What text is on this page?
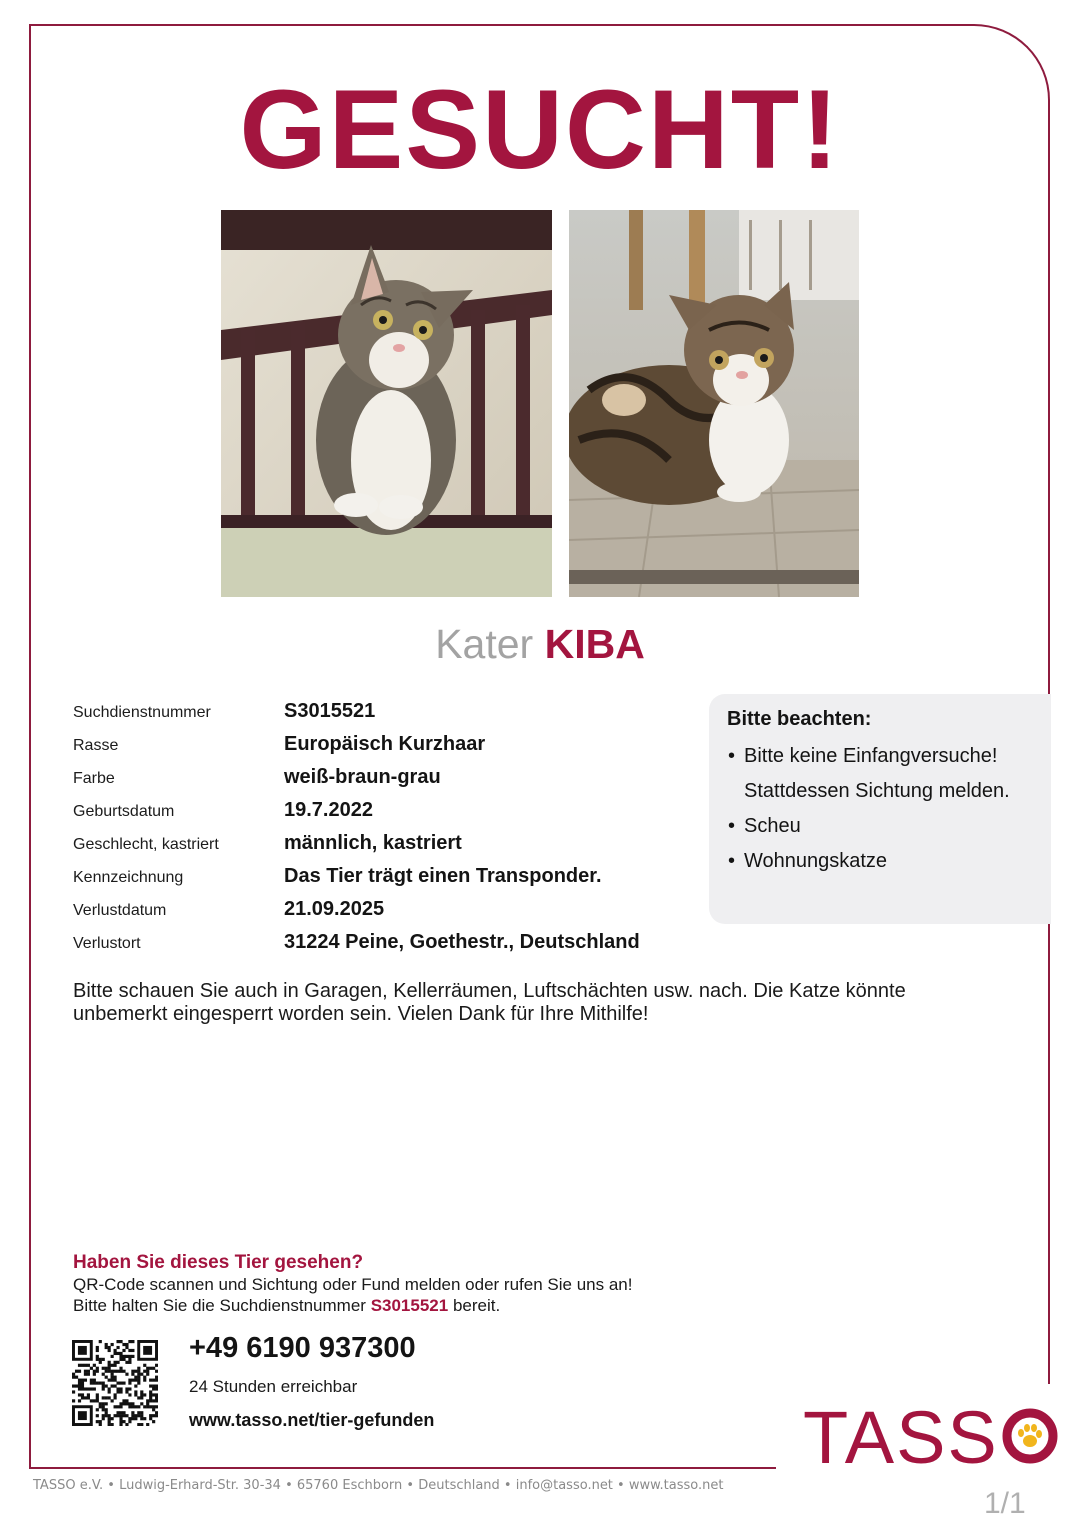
GESUCHT!
Kater KIBA
Suchdienstnummer	S3015521
Rasse	Europäisch Kurzhaar
Farbe	weiß-braun-grau
Geburtsdatum	19.7.2022
Geschlecht, kastriert	männlich, kastriert
Kennzeichnung	Das Tier trägt einen Transponder.
Verlustdatum	21.09.2025
Verlustort	31224 Peine, Goethestr., Deutschland
Bitte beachten:
• Bitte keine Einfangversuche! Stattdessen Sichtung melden.
• Scheu
• Wohnungskatze
Bitte schauen Sie auch in Garagen, Kellerräumen, Luftschächten usw. nach. Die Katze könnte unbemerkt eingesperrt worden sein. Vielen Dank für Ihre Mithilfe!
Haben Sie dieses Tier gesehen?
QR-Code scannen und Sichtung oder Fund melden oder rufen Sie uns an!
Bitte halten Sie die Suchdienstnummer S3015521 bereit.
+49 6190 937300
24 Stunden erreichbar
www.tasso.net/tier-gefunden	TASS
TASSO e.V. • Ludwig-Erhard-Str. 30-34 • 65760 Eschborn • Deutschland • info@tasso.net • www.tasso.net
1/1
